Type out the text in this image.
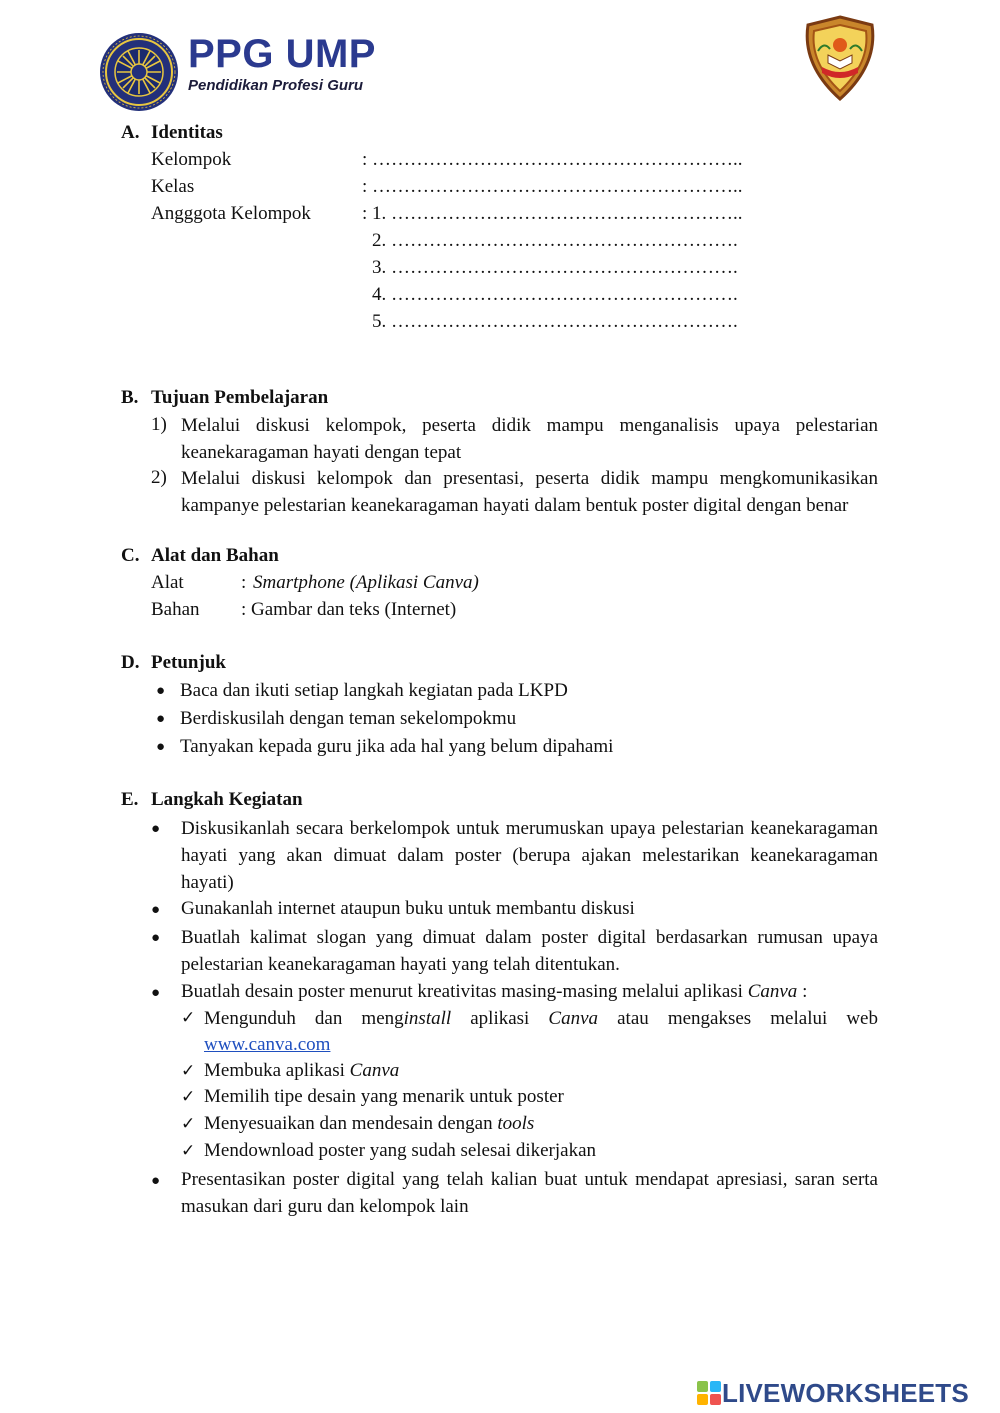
PPG UMP
Pendidikan Profesi Guru
A. Identitas
Kelompok	: …………………………………………………..
Kelas	: …………………………………………………..
Angggota Kelompok	: 1. ………………………………………………..
2. ……………………………………………….
3. ……………………………………………….
4. ……………………………………………….
5. ……………………………………………….
B. Tujuan Pembelajaran
1) Melalui diskusi kelompok, peserta didik mampu menganalisis upaya pelestarian keanekaragaman hayati dengan tepat
2) Melalui diskusi kelompok dan presentasi, peserta didik mampu mengkomunikasikan kampanye pelestarian keanekaragaman hayati dalam bentuk poster digital dengan benar
C. Alat dan Bahan
Alat	: Smartphone (Aplikasi Canva)
Bahan : Gambar dan teks (Internet)
D. Petunjuk
● Baca dan ikuti setiap langkah kegiatan pada LKPD
● Berdiskusilah dengan teman sekelompokmu
● Tanyakan kepada guru jika ada hal yang belum dipahami
E. Langkah Kegiatan
● Diskusikanlah secara berkelompok untuk merumuskan upaya pelestarian keanekaragaman hayati yang akan dimuat dalam poster (berupa ajakan melestarikan keanekaragaman hayati)
● Gunakanlah internet ataupun buku untuk membantu diskusi
● Buatlah kalimat slogan yang dimuat dalam poster digital berdasarkan rumusan upaya pelestarian keanekaragaman hayati yang telah ditentukan.
● Buatlah desain poster menurut kreativitas masing-masing melalui aplikasi Canva :
✓ Mengunduh dan menginstall aplikasi Canva atau mengakses melalui web
www.canva.com
✓ Membuka aplikasi Canva
✓ Memilih tipe desain yang menarik untuk poster
✓ Menyesuaikan dan mendesain dengan tools
✓ Mendownload poster yang sudah selesai dikerjakan
● Presentasikan poster digital yang telah kalian buat untuk mendapat apresiasi, saran serta masukan dari guru dan kelompok lain
LIVEWORKSHEETS
